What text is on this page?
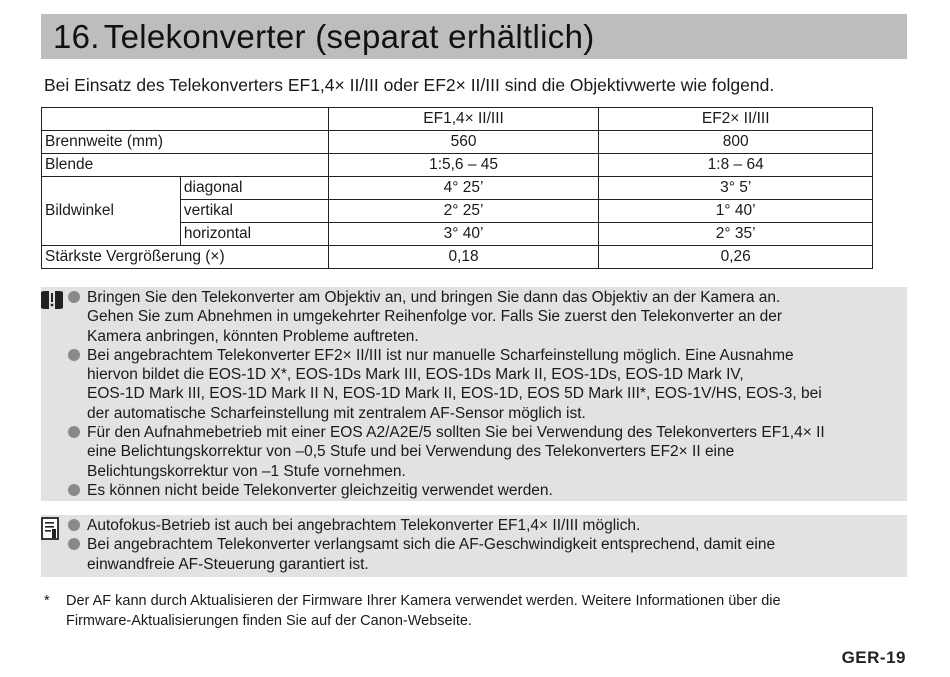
16. Telekonverter (separat erhältlich)
Bei Einsatz des Telekonverters EF1,4× II/III oder EF2× II/III sind die Objektivwerte wie folgend.
		EF1,4× II/III	EF2× II/III
Brennweite (mm)		560	800
Blende		1:5,6 – 45	1:8 – 64
Bildwinkel	diagonal	4° 25’	3° 5’
	vertikal	2° 25’	1° 40’
	horizontal	3° 40’	2° 35’
Stärkste Vergrößerung (×)		0,18	0,26
Bringen Sie den Telekonverter am Objektiv an, und bringen Sie dann das Objektiv an der Kamera an.
Gehen Sie zum Abnehmen in umgekehrter Reihenfolge vor. Falls Sie zuerst den Telekonverter an der
Kamera anbringen, könnten Probleme auftreten.
Bei angebrachtem Telekonverter EF2× II/III ist nur manuelle Scharfeinstellung möglich. Eine Ausnahme
hiervon bildet die EOS-1D X*, EOS-1Ds Mark III, EOS-1Ds Mark II, EOS-1Ds, EOS-1D Mark IV,
EOS-1D Mark III, EOS-1D Mark II N, EOS-1D Mark II, EOS-1D, EOS 5D Mark III*, EOS-1V/HS, EOS-3, bei
der automatische Scharfeinstellung mit zentralem AF-Sensor möglich ist.
Für den Aufnahmebetrieb mit einer EOS A2/A2E/5 sollten Sie bei Verwendung des Telekonverters EF1,4× II
eine Belichtungskorrektur von –0,5 Stufe und bei Verwendung des Telekonverters EF2× II eine
Belichtungskorrektur von –1 Stufe vornehmen.
Es können nicht beide Telekonverter gleichzeitig verwendet werden.
Autofokus-Betrieb ist auch bei angebrachtem Telekonverter EF1,4× II/III möglich.
Bei angebrachtem Telekonverter verlangsamt sich die AF-Geschwindigkeit entsprechend, damit eine
einwandfreie AF-Steuerung garantiert ist.
* Der AF kann durch Aktualisieren der Firmware Ihrer Kamera verwendet werden. Weitere Informationen über die
Firmware-Aktualisierungen finden Sie auf der Canon-Webseite.
GER-19
